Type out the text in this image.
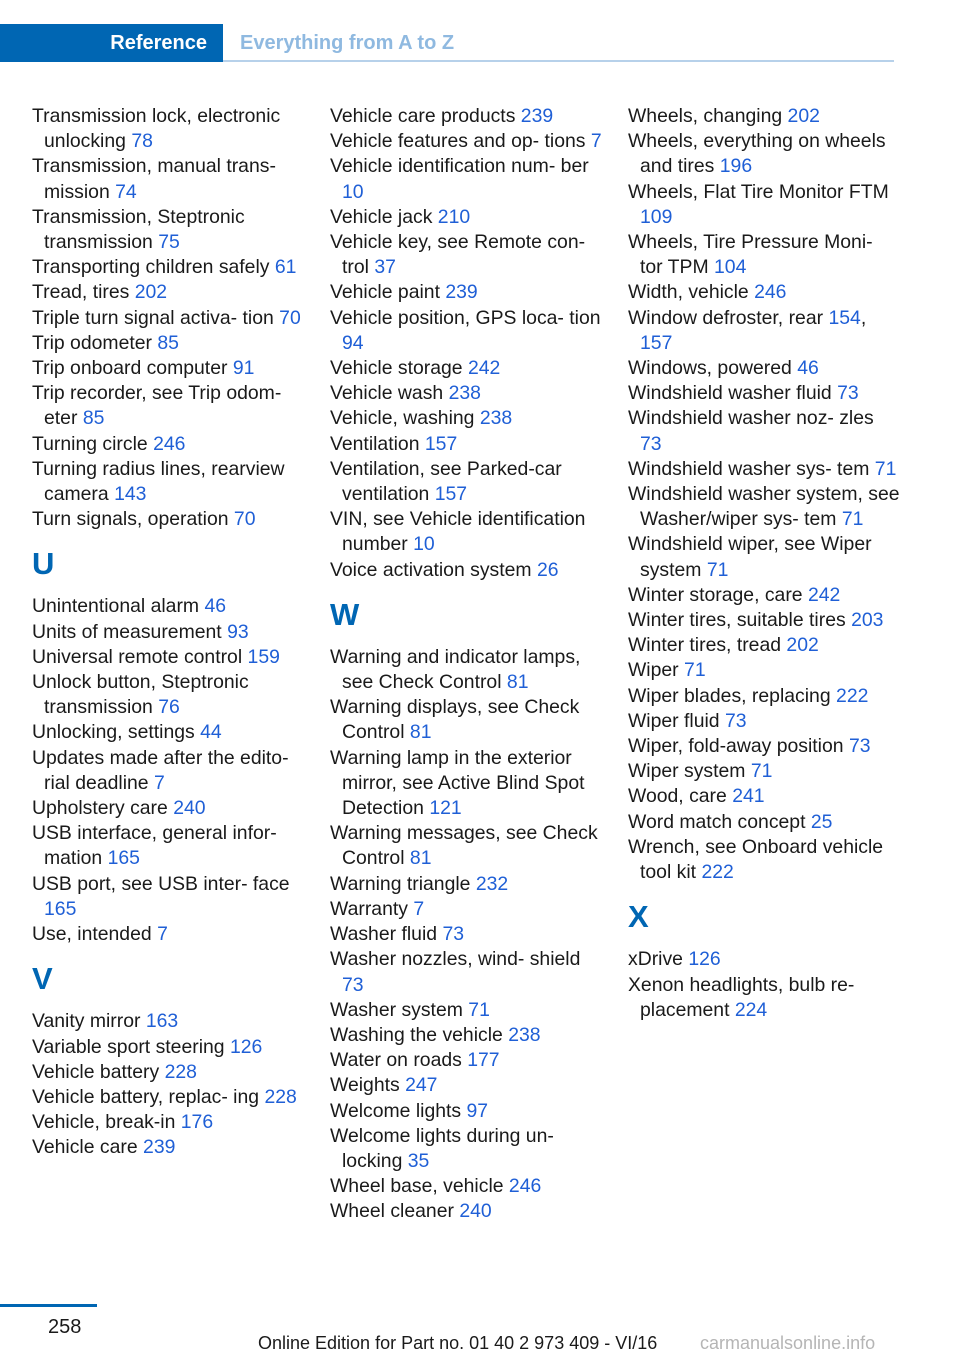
Reference	Everything from A to Z
Transmission lock, electronic unlocking 78
Transmission, manual trans‐ mission 74
Transmission, Steptronic transmission 75
Transporting children safely 61
Tread, tires 202
Triple turn signal activa‐ tion 70
Trip odometer 85
Trip onboard computer 91
Trip recorder, see Trip odom‐ eter 85
Turning circle 246
Turning radius lines, rearview camera 143
Turn signals, operation 70
U
Unintentional alarm 46
Units of measurement 93
Universal remote control 159
Unlock button, Steptronic transmission 76
Unlocking, settings 44
Updates made after the edito‐ rial deadline 7
Upholstery care 240
USB interface, general infor‐ mation 165
USB port, see USB inter‐ face 165
Use, intended 7
V
Vanity mirror 163
Variable sport steering 126
Vehicle battery 228
Vehicle battery, replac‐ ing 228
Vehicle, break-in 176
Vehicle care 239
Vehicle care products 239
Vehicle features and op‐ tions 7
Vehicle identification num‐ ber 10
Vehicle jack 210
Vehicle key, see Remote con‐ trol 37
Vehicle paint 239
Vehicle position, GPS loca‐ tion 94
Vehicle storage 242
Vehicle wash 238
Vehicle, washing 238
Ventilation 157
Ventilation, see Parked-car ventilation 157
VIN, see Vehicle identification number 10
Voice activation system 26
W
Warning and indicator lamps, see Check Control 81
Warning displays, see Check Control 81
Warning lamp in the exterior mirror, see Active Blind Spot Detection 121
Warning messages, see Check Control 81
Warning triangle 232
Warranty 7
Washer fluid 73
Washer nozzles, wind‐ shield 73
Washer system 71
Washing the vehicle 238
Water on roads 177
Weights 247
Welcome lights 97
Welcome lights during un‐ locking 35
Wheel base, vehicle 246
Wheel cleaner 240
Wheels, changing 202
Wheels, everything on wheels and tires 196
Wheels, Flat Tire Monitor FTM 109
Wheels, Tire Pressure Moni‐ tor TPM 104
Width, vehicle 246
Window defroster, rear 154, 157
Windows, powered 46
Windshield washer fluid 73
Windshield washer noz‐ zles 73
Windshield washer sys‐ tem 71
Windshield washer system, see Washer/wiper sys‐ tem 71
Windshield wiper, see Wiper system 71
Winter storage, care 242
Winter tires, suitable tires 203
Winter tires, tread 202
Wiper 71
Wiper blades, replacing 222
Wiper fluid 73
Wiper, fold-away position 73
Wiper system 71
Wood, care 241
Word match concept 25
Wrench, see Onboard vehicle tool kit 222
X
xDrive 126
Xenon headlights, bulb re‐ placement 224
258
Online Edition for Part no. 01 40 2 973 409 - VI/16 carmanualsonline.info
